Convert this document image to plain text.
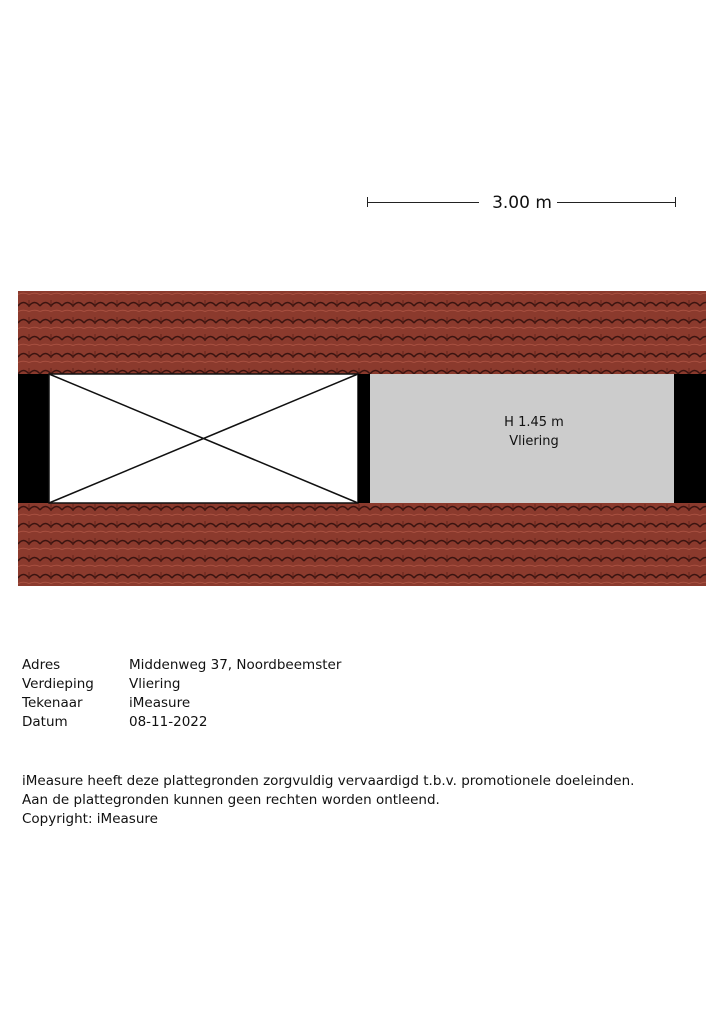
3.00 m
H 1.45 m
Vliering
Adres	Middenweg 37, Noordbeemster
Verdieping	Vliering
Tekenaar	iMeasure
Datum	08-11-2022
iMeasure heeft deze plattegronden zorgvuldig vervaardigd t.b.v. promotionele doeleinden.
Aan de plattegronden kunnen geen rechten worden ontleend.
Copyright: iMeasure
